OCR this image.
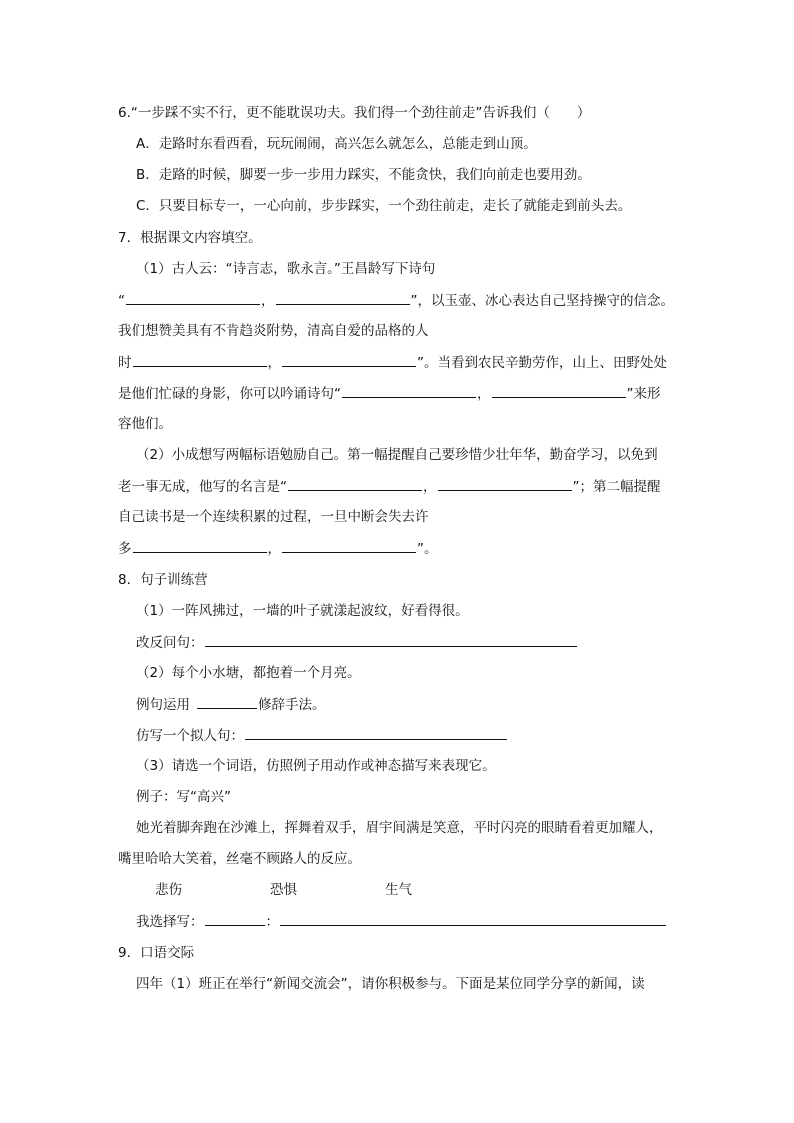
6.“一步踩不实不行，更不能耽误功夫。我们得一个劲往前走”告诉我们（　　）
A．走路时东看西看，玩玩闹闹，高兴怎么就怎么，总能走到山顶。
B．走路的时候，脚要一步一步用力踩实，不能贪快，我们向前走也要用劲。
C．只要目标专一，一心向前，步步踩实，一个劲往前走，走长了就能走到前头去。
7．根据课文内容填空。
（1）古人云：“诗言志，歌永言。”王昌龄写下诗句
“	，	”，以玉壶、冰心表达自己坚持操守的信念。
我们想赞美具有不肯趋炎附势，清高自爱的品格的人
时	，	”。当看到农民辛勤劳作，山上、田野处处
是他们忙碌的身影，你可以吟诵诗句“	，	”来形
容他们。
（2）小成想写两幅标语勉励自己。第一幅提醒自己要珍惜少壮年华，勤奋学习，以免到
老一事无成，他写的名言是“	，	”；第二幅提醒
自己读书是一个连续积累的过程，一旦中断会失去许
多	，	”。
8．句子训练营
（1）一阵风拂过，一墙的叶子就漾起波纹，好看得很。
改反问句：
（2）每个小水塘，都抱着一个月亮。
例句运用	修辞手法。
仿写一个拟人句：
（3）请选一个词语，仿照例子用动作或神态描写来表现它。
例子：写“高兴”
她光着脚奔跑在沙滩上，挥舞着双手，眉宇间满是笑意，平时闪亮的眼睛看着更加耀人，
嘴里哈哈大笑着，丝毫不顾路人的反应。
悲伤	恐惧	生气
我选择写：	：
9．口语交际
四年（1）班正在举行“新闻交流会”，请你积极参与。下面是某位同学分享的新闻，读
